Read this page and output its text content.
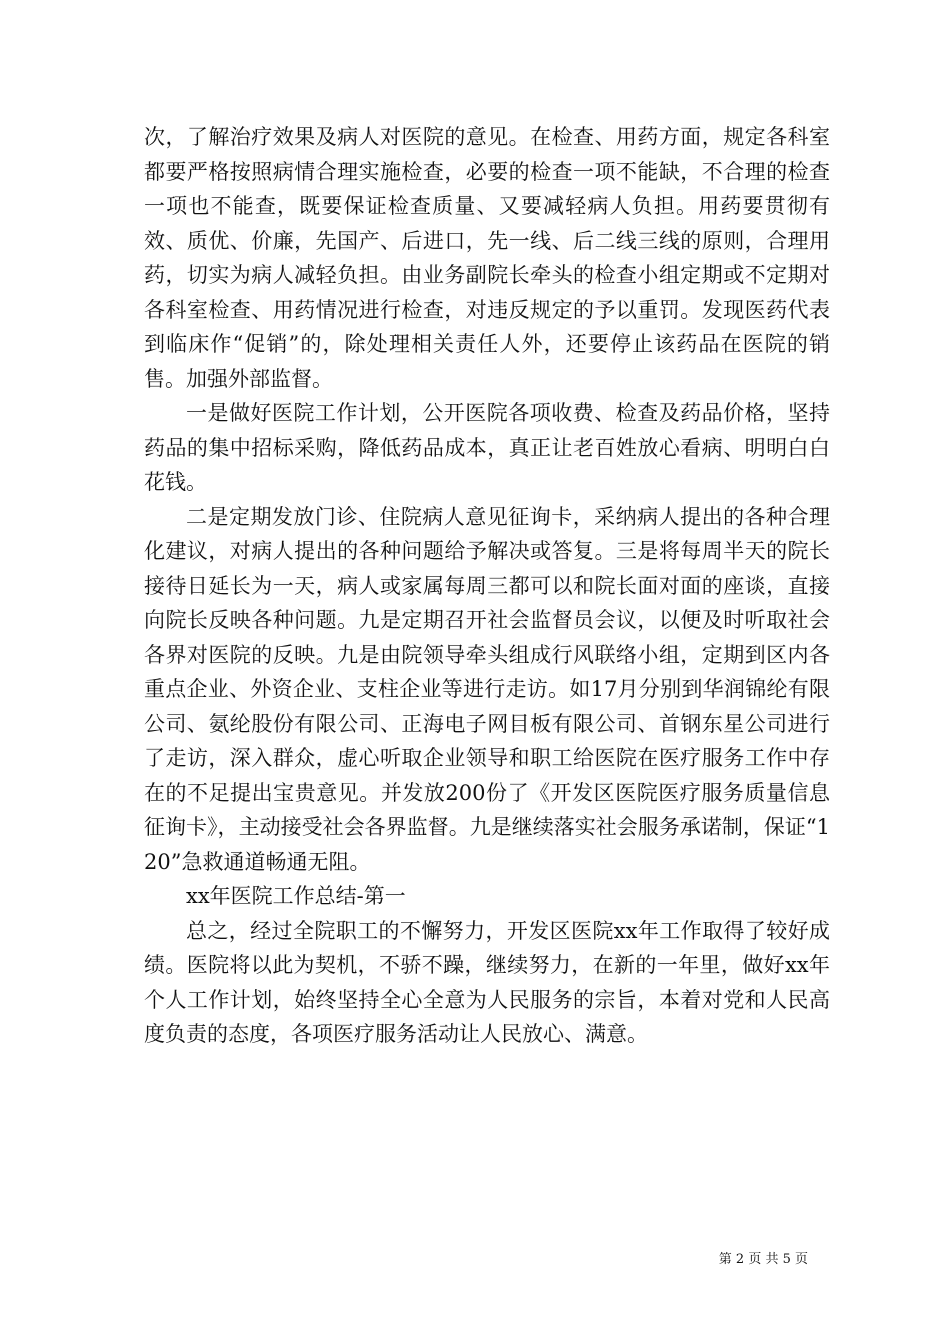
次，了解治疗效果及病人对医院的意见。在检查、用药方面，规定各科室都要严格按照病情合理实施检查，必要的检查一项不能缺，不合理的检查一项也不能查，既要保证检查质量、又要减轻病人负担。用药要贯彻有效、质优、价廉，先国产、后进口，先一线、后二线三线的原则，合理用药，切实为病人减轻负担。由业务副院长牵头的检查小组定期或不定期对各科室检查、用药情况进行检查，对违反规定的予以重罚。发现医药代表到临床作“促销”的，除处理相关责任人外，还要停止该药品在医院的销售。加强外部监督。

一是做好医院工作计划，公开医院各项收费、检查及药品价格，坚持药品的集中招标采购，降低药品成本，真正让老百姓放心看病、明明白白花钱。

二是定期发放门诊、住院病人意见征询卡，采纳病人提出的各种合理化建议，对病人提出的各种问题给予解决或答复。三是将每周半天的院长接待日延长为一天，病人或家属每周三都可以和院长面对面的座谈，直接向院长反映各种问题。九是定期召开社会监督员会议，以便及时听取社会各界对医院的反映。九是由院领导牵头组成行风联络小组，定期到区内各重点企业、外资企业、支柱企业等进行走访。如17月分别到华润锦纶有限公司、氨纶股份有限公司、正海电子网目板有限公司、首钢东星公司进行了走访，深入群众，虚心听取企业领导和职工给医院在医疗服务工作中存在的不足提出宝贵意见。并发放200份了《开发区医院医疗服务质量信息征询卡》，主动接受社会各界监督。九是继续落实社会服务承诺制，保证“120”急救通道畅通无阻。

xx年医院工作总结-第一

总之，经过全院职工的不懈努力，开发区医院xx年工作取得了较好成绩。医院将以此为契机，不骄不躁，继续努力，在新的一年里，做好xx年个人工作计划，始终坚持全心全意为人民服务的宗旨，本着对党和人民高度负责的态度，各项医疗服务活动让人民放心、满意。

第 2 页 共 5 页
